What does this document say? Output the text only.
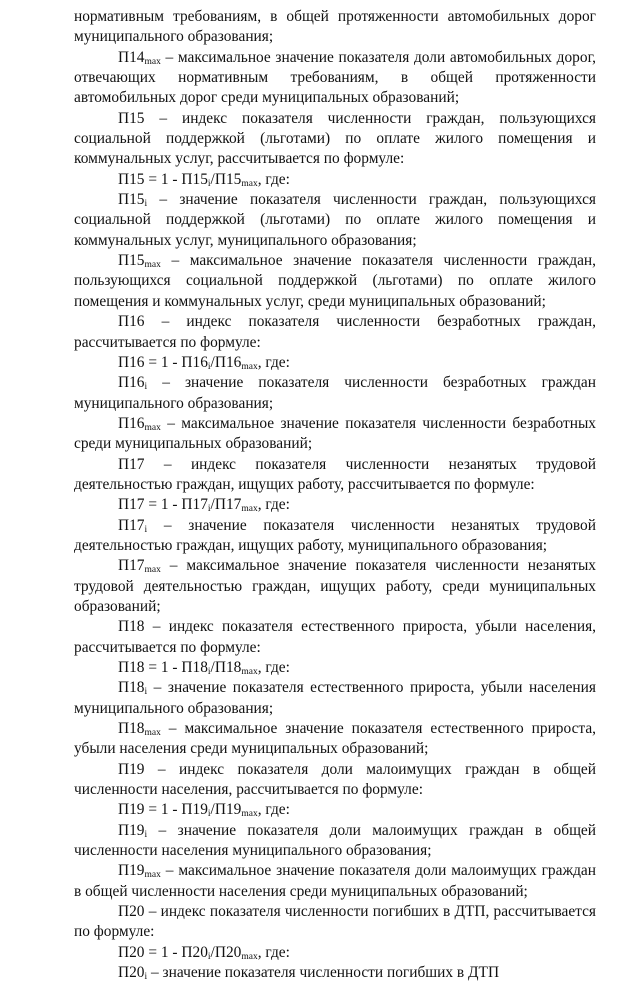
нормативным требованиям, в общей протяженности автомобильных дорог муниципального образования;

$П14_{max}$ – максимальное значение показателя доли автомобильных дорог, отвечающих нормативным требованиям, в общей протяженности автомобильных дорог среди муниципальных образований;

П15 – индекс показателя численности граждан, пользующихся социальной поддержкой (льготами) по оплате жилого помещения и коммунальных услуг, рассчитывается по формуле:

$П15 = 1 - П15_i/П15_{max}$, где:

$П15_i$ – значение показателя численности граждан, пользующихся социальной поддержкой (льготами) по оплате жилого помещения и коммунальных услуг, муниципального образования;

$П15_{max}$ – максимальное значение показателя численности граждан, пользующихся социальной поддержкой (льготами) по оплате жилого помещения и коммунальных услуг, среди муниципальных образований;

П16 – индекс показателя численности безработных граждан, рассчитывается по формуле:

$П16 = 1 - П16_i/П16_{max}$, где:

$П16_i$ – значение показателя численности безработных граждан муниципального образования;

$П16_{max}$ – максимальное значение показателя численности безработных среди муниципальных образований;

П17 – индекс показателя численности незанятых трудовой деятельностью граждан, ищущих работу, рассчитывается по формуле:

$П17 = 1 - П17_i/П17_{max}$, где:

$П17_i$ – значение показателя численности незанятых трудовой деятельностью граждан, ищущих работу, муниципального образования;

$П17_{max}$ – максимальное значение показателя численности незанятых трудовой деятельностью граждан, ищущих работу, среди муниципальных образований;

П18 – индекс показателя естественного прироста, убыли населения, рассчитывается по формуле:

$П18 = 1 - П18_i/П18_{max}$, где:

$П18_i$ – значение показателя естественного прироста, убыли населения муниципального образования;

$П18_{max}$ – максимальное значение показателя естественного прироста, убыли населения среди муниципальных образований;

П19 – индекс показателя доли малоимущих граждан в общей численности населения, рассчитывается по формуле:

$П19 = 1 - П19_i/П19_{max}$, где:

$П19_i$ – значение показателя доли малоимущих граждан в общей численности населения муниципального образования;

$П19_{max}$ – максимальное значение показателя доли малоимущих граждан в общей численности населения среди муниципальных образований;

П20 – индекс показателя численности погибших в ДТП, рассчитывается по формуле:

$П20 = 1 - П20_i/П20_{max}$, где:

$П20_i$ – значение показателя численности погибших в ДТП
